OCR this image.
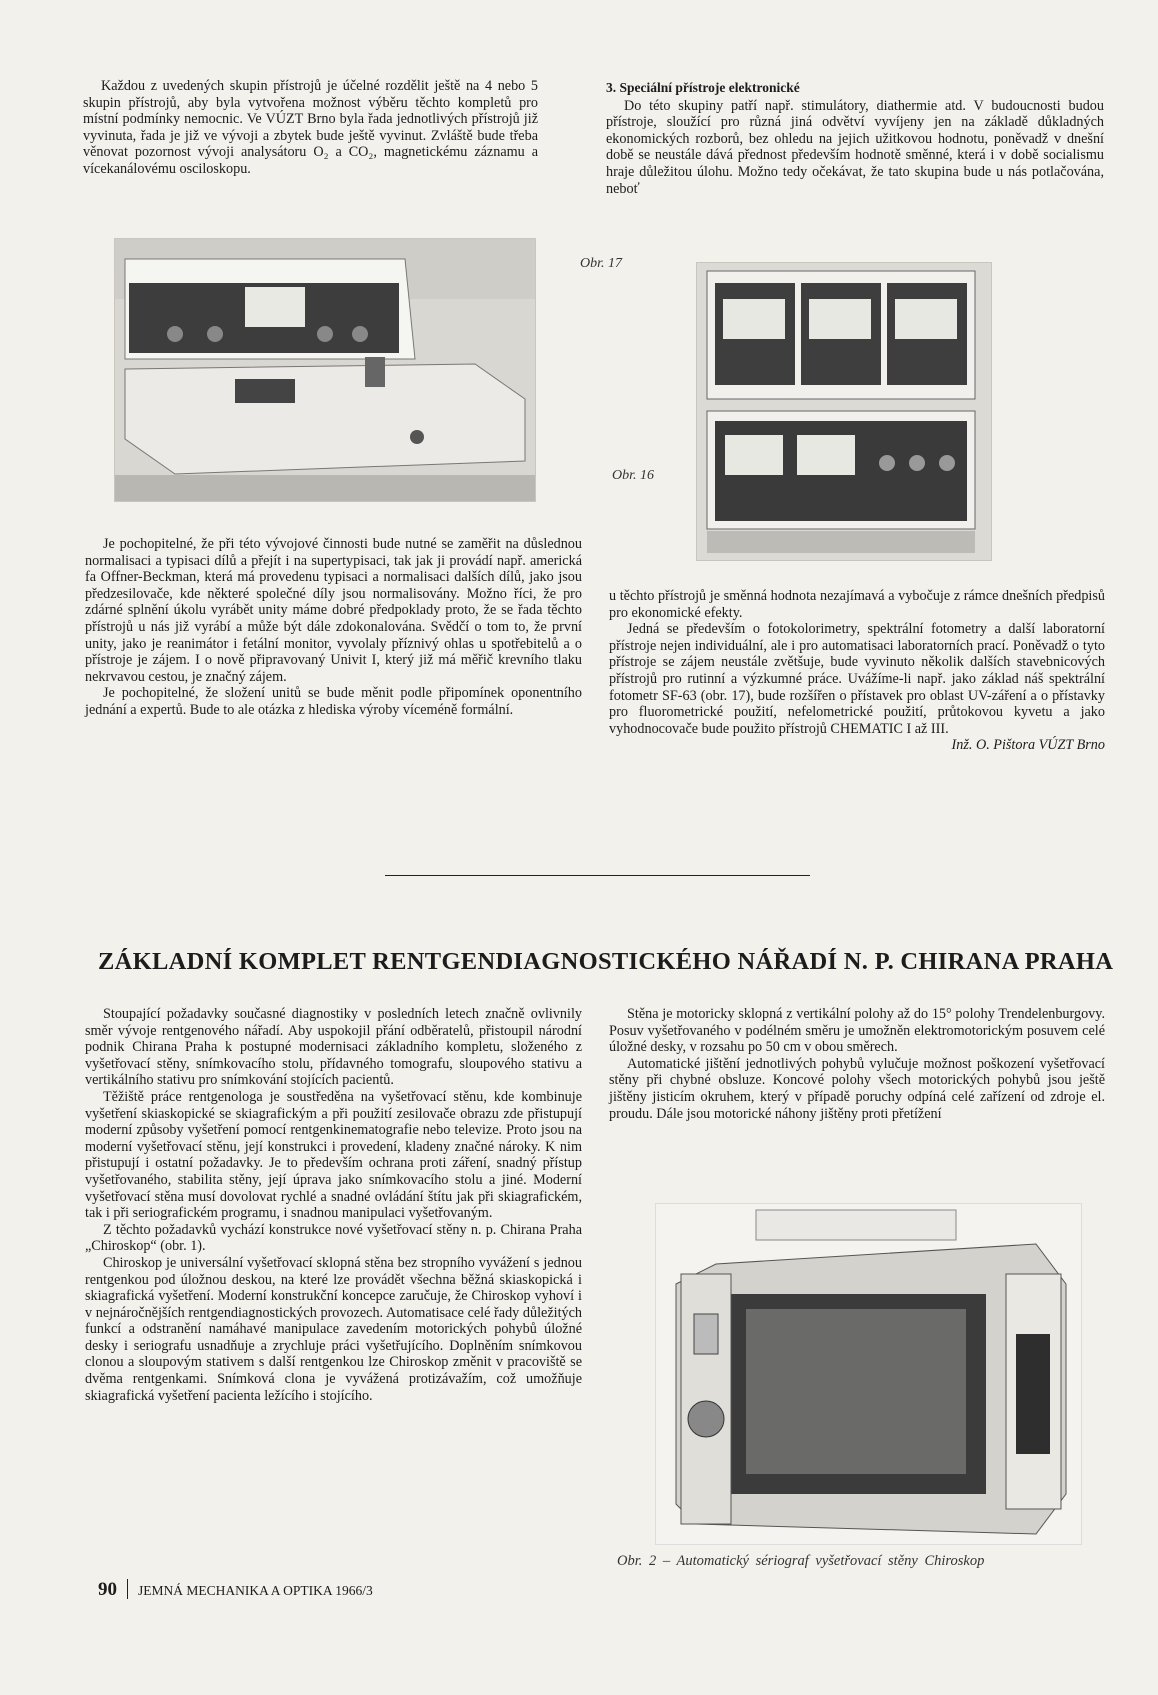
Každou z uvedených skupin přístrojů je účelné rozdělit ještě na 4 nebo 5 skupin přístrojů, aby byla vytvořena možnost výběru těchto kompletů pro místní podmínky nemocnic. Ve VÚZT Brno byla řada jednotlivých přístrojů již vyvinuta, řada je již ve vývoji a zbytek bude ještě vyvinut. Zvláště bude třeba věnovat pozornost vývoji analysátoru O₂ a CO₂, magnetickému záznamu a vícekanálovému osciloskopu.

3. Speciální přístroje elektronické

Do této skupiny patří např. stimulátory, diathermie atd. V budoucnosti budou přístroje, sloužící pro různá jiná odvětví vyvíjeny jen na základě důkladných ekonomických rozborů, bez ohledu na jejich užitkovou hodnotu, poněvadž v dnešní době se neustále dává přednost především hodnotě směnné, která i v době socialismu hraje důležitou úlohu. Možno tedy očekávat, že tato skupina bude u nás potlačována, neboť

Obr. 17
Obr. 16

Je pochopitelné, že při této vývojové činnosti bude nutné se zaměřit na důslednou normalisaci a typisaci dílů a přejít i na supertypisaci, tak jak ji provádí např. americká fa Offner-Beckman, která má provedenu typisaci a normalisaci dalších dílů, jako jsou předzesilovače, kde některé společné díly jsou normalisovány. Možno říci, že pro zdárné splnění úkolu vyrábět unity máme dobré předpoklady proto, že se řada těchto přístrojů u nás již vyrábí a může být dále zdokonalována. Svědčí o tom to, že první unity, jako je reanimátor i fetální monitor, vyvolaly příznivý ohlas u spotřebitelů a o přístroje je zájem. I o nově připravovaný Univit I, který již má měřič krevního tlaku nekrvavou cestou, je značný zájem.

Je pochopitelné, že složení unitů se bude měnit podle připomínek oponentního jednání a expertů. Bude to ale otázka z hlediska výroby víceméně formální.

u těchto přístrojů je směnná hodnota nezajímavá a vybočuje z rámce dnešních předpisů pro ekonomické efekty.

Jedná se především o fotokolorimetry, spektrální fotometry a další laboratorní přístroje nejen individuální, ale i pro automatisaci laboratorních prací. Poněvadž o tyto přístroje se zájem neustále zvětšuje, bude vyvinuto několik dalších stavebnicových přístrojů pro rutinní a výzkumné práce. Uvážíme-li např. jako základ náš spektrální fotometr SF-63 (obr. 17), bude rozšířen o přístavek pro oblast UV-záření a o přístavky pro fluorometrické použití, nefelometrické použití, průtokovou kyvetu a jako vyhodnocovače bude použito přístrojů CHEMATIC I až III.

Inž. O. Pištora VÚZT Brno
ZÁKLADNÍ KOMPLET RENTGENDIAGNOSTICKÉHO NÁŘADÍ N. P. CHIRANA PRAHA

Stoupající požadavky současné diagnostiky v posledních letech značně ovlivnily směr vývoje rentgenového nářadí. Aby uspokojil přání odběratelů, přistoupil národní podnik Chirana Praha k postupné modernisaci základního kompletu, složeného z vyšetřovací stěny, snímkovacího stolu, přídavného tomografu, sloupového stativu a vertikálního stativu pro snímkování stojících pacientů.

Těžiště práce rentgenologa je soustředěna na vyšetřovací stěnu, kde kombinuje vyšetření skiaskopické se skiagrafickým a při použití zesilovače obrazu zde přistupují moderní způsoby vyšetření pomocí rentgenkinematografie nebo televize. Proto jsou na moderní vyšetřovací stěnu, její konstrukci i provedení, kladeny značné nároky. K nim přistupují i ostatní požadavky. Je to především ochrana proti záření, snadný přístup vyšetřovaného, stabilita stěny, její úprava jako snímkovacího stolu a jiné. Moderní vyšetřovací stěna musí dovolovat rychlé a snadné ovládání štítu jak při skiagrafickém, tak i při seriografickém programu, i snadnou manipulaci vyšetřovaným.

Z těchto požadavků vychází konstrukce nové vyšetřovací stěny n. p. Chirana Praha „Chiroskop“ (obr. 1).

Chiroskop je universální vyšetřovací sklopná stěna bez stropního vyvážení s jednou rentgenkou pod úložnou deskou, na které lze provádět všechna běžná skiaskopická i skiagrafická vyšetření. Moderní konstrukční koncepce zaručuje, že Chiroskop vyhoví i v nejnáročnějších rentgendiagnostických provozech. Automatisace celé řady důležitých funkcí a odstranění namáhavé manipulace zavedením motorických pohybů úložné desky i seriografu usnadňuje a zrychluje práci vyšetřujícího. Doplněním snímkovou clonou a sloupovým stativem s další rentgenkou lze Chiroskop změnit v pracoviště se dvěma rentgenkami. Snímková clona je vyvážená protizávažím, což umožňuje skiagrafická vyšetření pacienta ležícího i stojícího.

Stěna je motoricky sklopná z vertikální polohy až do 15° polohy Trendelenburgovy. Posuv vyšetřovaného v podélném směru je umožněn elektromotorickým posuvem celé úložné desky, v rozsahu po 50 cm v obou směrech.

Automatické jištění jednotlivých pohybů vylučuje možnost poškození vyšetřovací stěny při chybné obsluze. Koncové polohy všech motorických pohybů jsou ještě jištěny jisticím okruhem, který v případě poruchy odpíná celé zařízení od zdroje el. proudu. Dále jsou motorické náhony jištěny proti přetížení

Obr. 2 – Automatický sériograf vyšetřovací stěny Chiroskop
90 JEMNÁ MECHANIKA A OPTIKA 1966/3
